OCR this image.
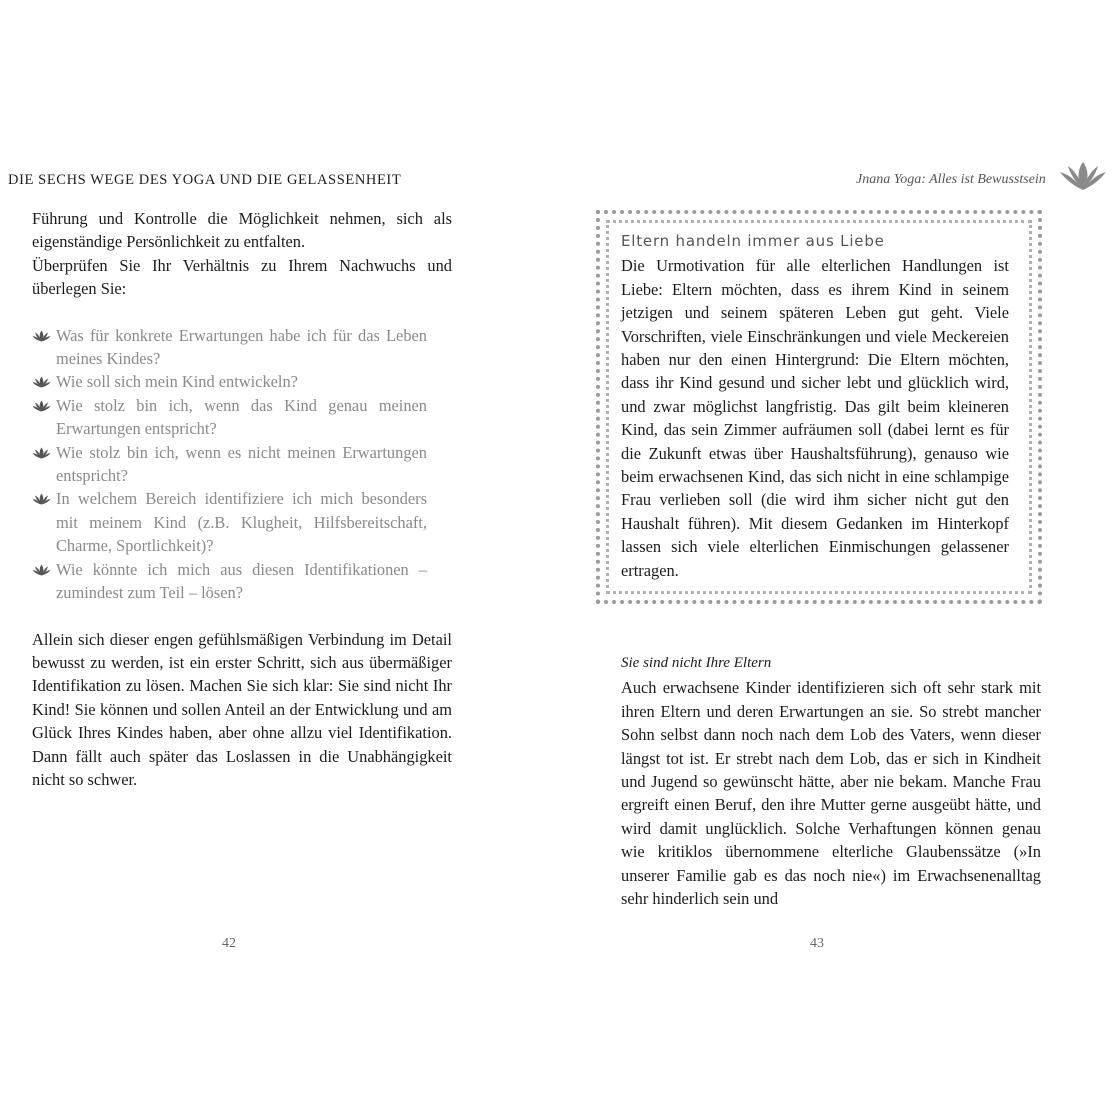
DIE SECHS WEGE DES YOGA UND DIE GELASSENHEIT	Jnana Yoga: Alles ist Bewusstsein

Führung und Kontrolle die Möglichkeit nehmen, sich als eigenständige Persönlichkeit zu entfalten.

Überprüfen Sie Ihr Verhältnis zu Ihrem Nachwuchs und überlegen Sie:

Was für konkrete Erwartungen habe ich für das Leben meines Kindes?
Wie soll sich mein Kind entwickeln?
Wie stolz bin ich, wenn das Kind genau meinen Erwartungen entspricht?
Wie stolz bin ich, wenn es nicht meinen Erwartungen entspricht?
In welchem Bereich identifiziere ich mich besonders mit meinem Kind (z.B. Klugheit, Hilfsbereitschaft, Charme, Sportlichkeit)?
Wie könnte ich mich aus diesen Identifikationen – zumindest zum Teil – lösen?

Allein sich dieser engen gefühlsmäßigen Verbindung im Detail bewusst zu werden, ist ein erster Schritt, sich aus übermäßiger Identifikation zu lösen. Machen Sie sich klar: Sie sind nicht Ihr Kind! Sie können und sollen Anteil an der Entwicklung und am Glück Ihres Kindes haben, aber ohne allzu viel Identifikation. Dann fällt auch später das Loslassen in die Unabhängigkeit nicht so schwer.

42
Eltern handeln immer aus Liebe

Die Urmotivation für alle elterlichen Handlungen ist Liebe: Eltern möchten, dass es ihrem Kind in seinem jetzigen und seinem späteren Leben gut geht. Viele Vorschriften, viele Einschränkungen und viele Meckereien haben nur den einen Hintergrund: Die Eltern möchten, dass ihr Kind gesund und sicher lebt und glücklich wird, und zwar möglichst langfristig. Das gilt beim kleineren Kind, das sein Zimmer aufräumen soll (dabei lernt es für die Zukunft etwas über Haushaltsführung), genauso wie beim erwachsenen Kind, das sich nicht in eine schlampige Frau verlieben soll (die wird ihm sicher nicht gut den Haushalt führen). Mit diesem Gedanken im Hinterkopf lassen sich viele elterlichen Einmischungen gelassener ertragen.

Sie sind nicht Ihre Eltern

Auch erwachsene Kinder identifizieren sich oft sehr stark mit ihren Eltern und deren Erwartungen an sie. So strebt mancher Sohn selbst dann noch nach dem Lob des Vaters, wenn dieser längst tot ist. Er strebt nach dem Lob, das er sich in Kindheit und Jugend so gewünscht hätte, aber nie bekam. Manche Frau ergreift einen Beruf, den ihre Mutter gerne ausgeübt hätte, und wird damit unglücklich. Solche Verhaftungen können genau wie kritiklos übernommene elterliche Glaubenssätze (»In unserer Familie gab es das noch nie«) im Erwachsenenalltag sehr hinderlich sein und

43
